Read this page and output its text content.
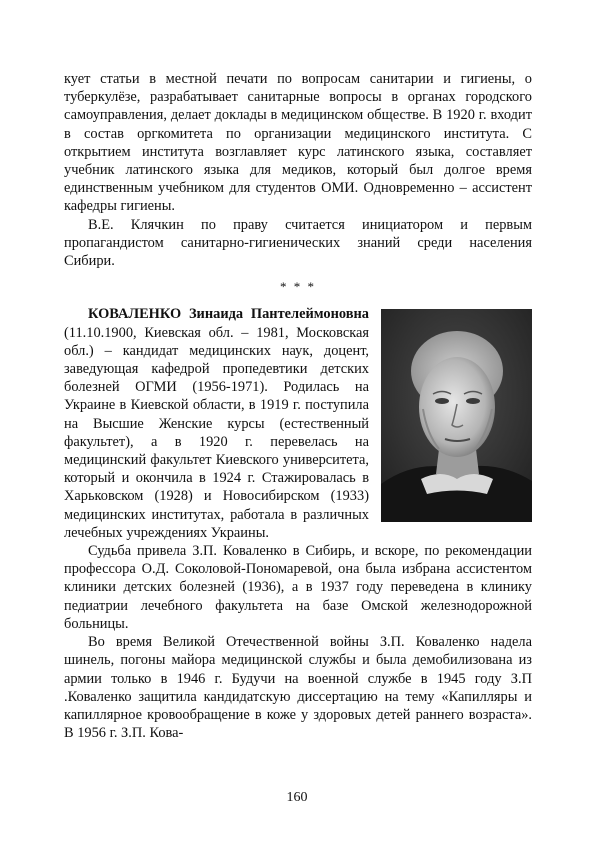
кует статьи в местной печати по вопросам санитарии и гигиены, о туберкулёзе, разрабатывает санитарные вопросы в органах городского самоуправления, делает доклады в медицинском обществе. В 1920 г. входит в состав оргкомитета по организации медицинского института. С открытием института возглавляет курс латинского языка, составляет учебник латинского языка для медиков, который был долгое время единственным учебником для студентов ОМИ. Одновременно – ассистент кафедры гигиены.

В.Е. Клячкин по праву считается инициатором и первым пропагандистом санитарно-гигиенических знаний среди населения Сибири.

* * *

КОВАЛЕНКО Зинаида Пантелеймоновна (11.10.1900, Киевская обл. – 1981, Московская обл.) – кандидат медицинских наук, доцент, заведующая кафедрой пропедевтики детских болезней ОГМИ (1956-1971). Родилась на Украине в Киевской области, в 1919 г. поступила на Высшие Женские курсы (естественный факультет), а в 1920 г. перевелась на медицинский факультет Киевского университета, который и окончила в 1924 г. Стажировалась в Харьковском (1928) и Новосибирском (1933) медицинских институтах, работала в различных лечебных учреждениях Украины.

Судьба привела З.П. Коваленко в Сибирь, и вскоре, по рекомендации профессора О.Д. Соколовой-Пономаревой, она была избрана ассистентом клиники детских болезней (1936), а в 1937 году переведена в клинику педиатрии лечебного факультета на базе Омской железнодорожной больницы.

Во время Великой Отечественной войны З.П. Коваленко надела шинель, погоны майора медицинской службы и была демобилизована из армии только в 1946 г. Будучи на военной службе в 1945 году З.П .Коваленко защитила кандидатскую диссертацию на тему «Капилляры и капиллярное кровообращение в коже у здоровых детей раннего возраста». В 1956 г. З.П. Кова-

160
